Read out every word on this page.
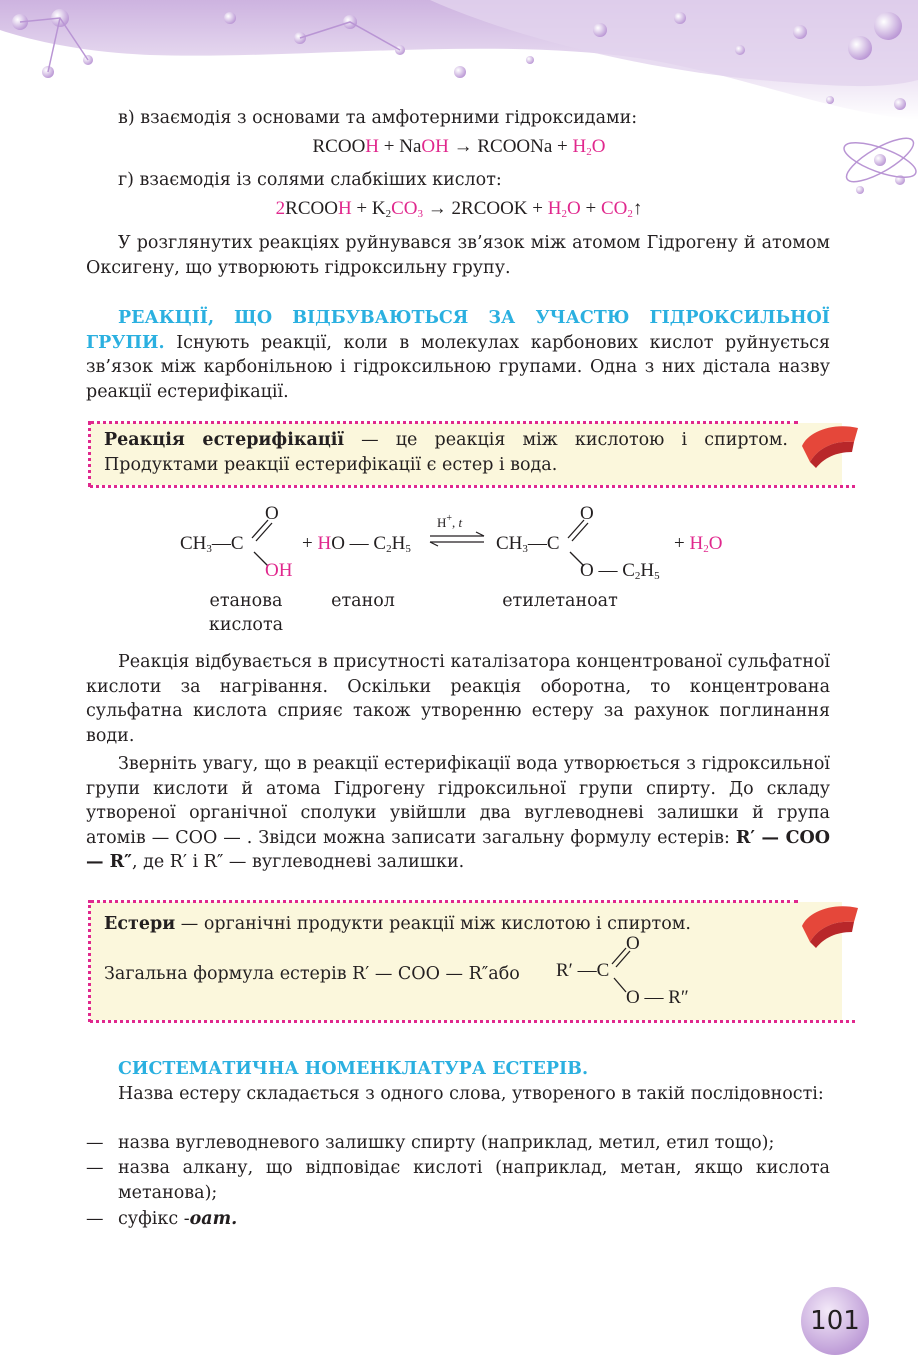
в) взаємодія з основами та амфотерними гідроксидами:
RCOOH + NaOH → RCOONa + $H_2O$
г) взаємодія із солями слабкіших кислот:
2RCOOH + $K_2CO_3$ → 2RCOOK + $H_2O$ + $CO_2↑$
У розглянутих реакціях руйнувався зв’язок між атомом Гідрогену й атомом Оксигену, що утворюють гідроксильну групу.
РЕАКЦІЇ, ЩО ВІДБУВАЮТЬСЯ ЗА УЧАСТЮ ГІДРОКСИЛЬНОЇ ГРУПИ. Існують реакції, коли в молекулах карбонових кислот руйнується зв’язок між карбонільною і гідроксильною групами. Одна з них дістала назву реакції естерифікації.
Реакція естерифікації — це реакція між кислотою і спиртом. Продуктами реакції естерифікації є естер і вода.
$CH_3—C$
O
OH
+ HO — $C_2H_5$
H+, t
⇌ $CH_3—C$
O
O — $C_2H_5$
+ $H_2O$
етанова кислота
етанол	етилетаноат
Реакція відбувається в присутності каталізатора концентрованої сульфатної кислоти за нагрівання. Оскільки реакція оборотна, то концентрована сульфатна кислота сприяє також утворенню естеру за рахунок поглинання води.
Зверніть увагу, що в реакції естерифікації вода утворюється з гідроксильної групи кислоти й атома Гідрогену гідроксильної групи спирту. До складу утвореної органічної сполуки увійшли два вуглеводневі залишки й група атомів — COO — . Звідси можна записати загальну формулу естерів: R′ — COO — R″, де R′ і R″ — вуглеводневі залишки.
Естери — органічні продукти реакції між кислотою і спиртом.
Загальна формула естерів R′ — COO — R″або R′ —C
O
O — R″
СИСТЕМАТИЧНА НОМЕНКЛАТУРА ЕСТЕРІВ.
Назва естеру складається з одного слова, утвореного в такій послідовності:
— назва вуглеводневого залишку спирту (наприклад, метил, етил тощо);
— назва алкану, що відповідає кислоті (наприклад, метан, якщо кислота метанова);
— суфікс -оат.
101
